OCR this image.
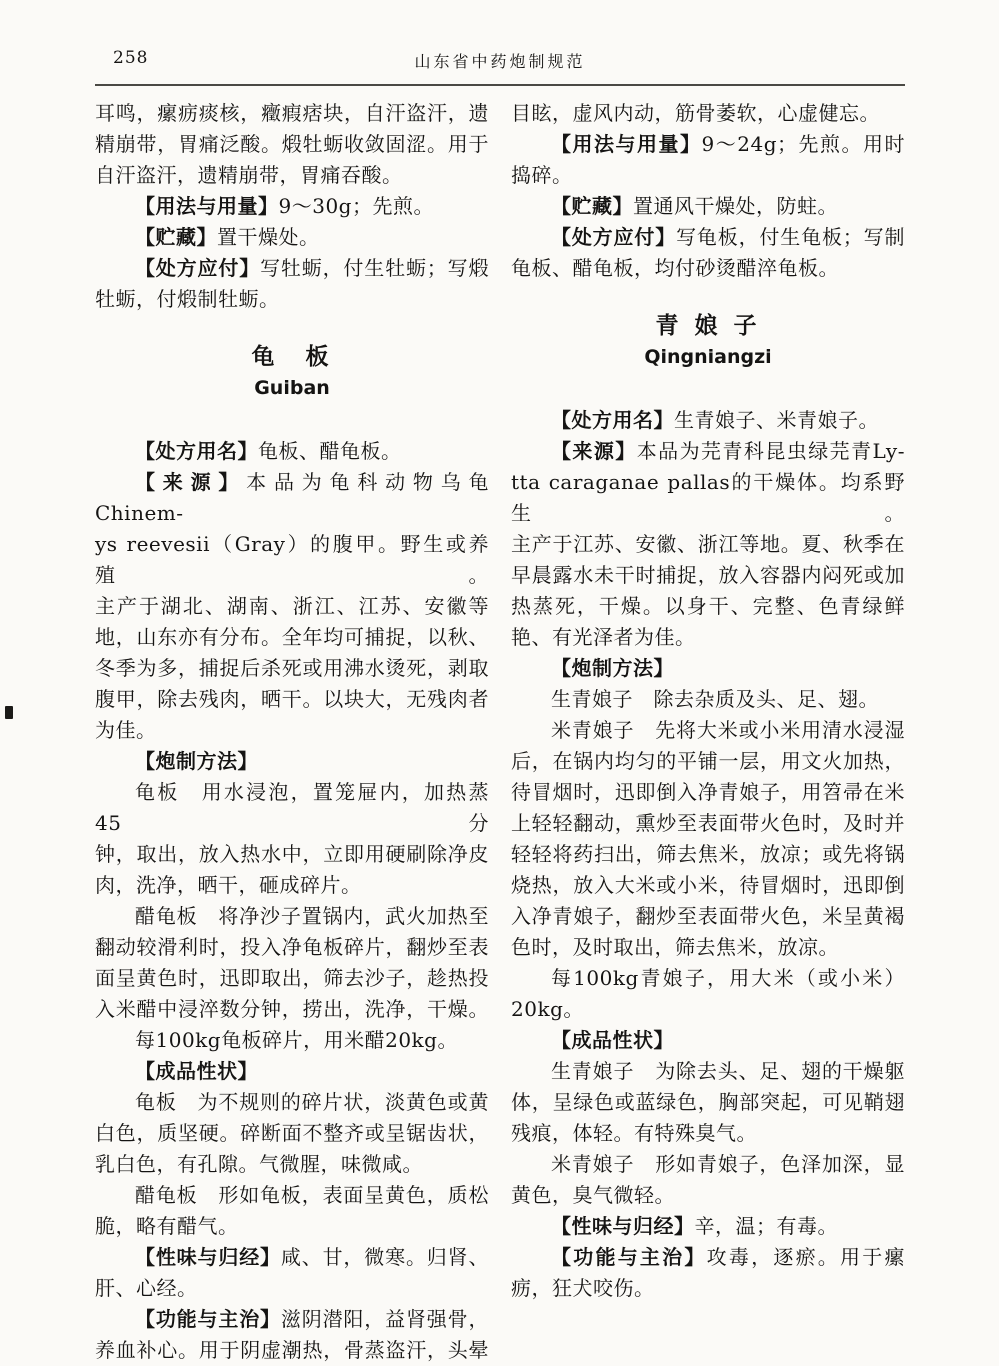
258	山东省中药炮制规范
耳鸣，瘰疬痰核，癥瘕痞块，自汗盗汗，遗
精崩带，胃痛泛酸。煅牡蛎收敛固涩。用于
自汗盗汗，遗精崩带，胃痛吞酸。
【用法与用量】9～30g；先煎。
【贮藏】置干燥处。
【处方应付】写牡蛎，付生牡蛎；写煅
牡蛎，付煅制牡蛎。
龟　板
Guiban
【处方用名】龟板、醋龟板。
【来源】本品为龟科动物乌龟Chinem-
ys reevesii（Gray）的腹甲。野生或养殖。
主产于湖北、湖南、浙江、江苏、安徽等
地，山东亦有分布。全年均可捕捉，以秋、
冬季为多，捕捉后杀死或用沸水烫死，剥取
腹甲，除去残肉，晒干。以块大，无残肉者
为佳。
【炮制方法】
龟板　用水浸泡，置笼屉内，加热蒸45分
钟，取出，放入热水中，立即用硬刷除净皮
肉，洗净，晒干，砸成碎片。
醋龟板　将净沙子置锅内，武火加热至
翻动较滑利时，投入净龟板碎片，翻炒至表
面呈黄色时，迅即取出，筛去沙子，趁热投
入米醋中浸淬数分钟，捞出，洗净，干燥。
每100kg龟板碎片，用米醋20kg。
【成品性状】
龟板　为不规则的碎片状，淡黄色或黄
白色，质坚硬。碎断面不整齐或呈锯齿状，
乳白色，有孔隙。气微腥，味微咸。
醋龟板　形如龟板，表面呈黄色，质松
脆，略有醋气。
【性味与归经】咸、甘，微寒。归肾、
肝、心经。
【功能与主治】滋阴潜阳，益肾强骨，
养血补心。用于阴虚潮热，骨蒸盗汗，头晕
目眩，虚风内动，筋骨萎软，心虚健忘。
【用法与用量】9～24g；先煎。用时
捣碎。
【贮藏】置通风干燥处，防蛀。
【处方应付】写龟板，付生龟板；写制
龟板、醋龟板，均付砂烫醋淬龟板。
青 娘 子
Qingniangzi
【处方用名】生青娘子、米青娘子。
【来源】本品为芫青科昆虫绿芫青Ly-
tta caraganae pallas的干燥体。均系野生。
主产于江苏、安徽、浙江等地。夏、秋季在
早晨露水未干时捕捉，放入容器内闷死或加
热蒸死，干燥。以身干、完整、色青绿鲜
艳、有光泽者为佳。
【炮制方法】
生青娘子　除去杂质及头、足、翅。
米青娘子　先将大米或小米用清水浸湿
后，在锅内均匀的平铺一层，用文火加热，
待冒烟时，迅即倒入净青娘子，用笤帚在米
上轻轻翻动，熏炒至表面带火色时，及时并
轻轻将药扫出，筛去焦米，放凉；或先将锅
烧热，放入大米或小米，待冒烟时，迅即倒
入净青娘子，翻炒至表面带火色，米呈黄褐
色时，及时取出，筛去焦米，放凉。
每100kg青娘子，用大米（或小米）
20kg。
【成品性状】
生青娘子　为除去头、足、翅的干燥躯
体，呈绿色或蓝绿色，胸部突起，可见鞘翅
残痕，体轻。有特殊臭气。
米青娘子　形如青娘子，色泽加深，显
黄色，臭气微轻。
【性味与归经】辛，温；有毒。
【功能与主治】攻毒，逐瘀。用于瘰
疬，狂犬咬伤。
